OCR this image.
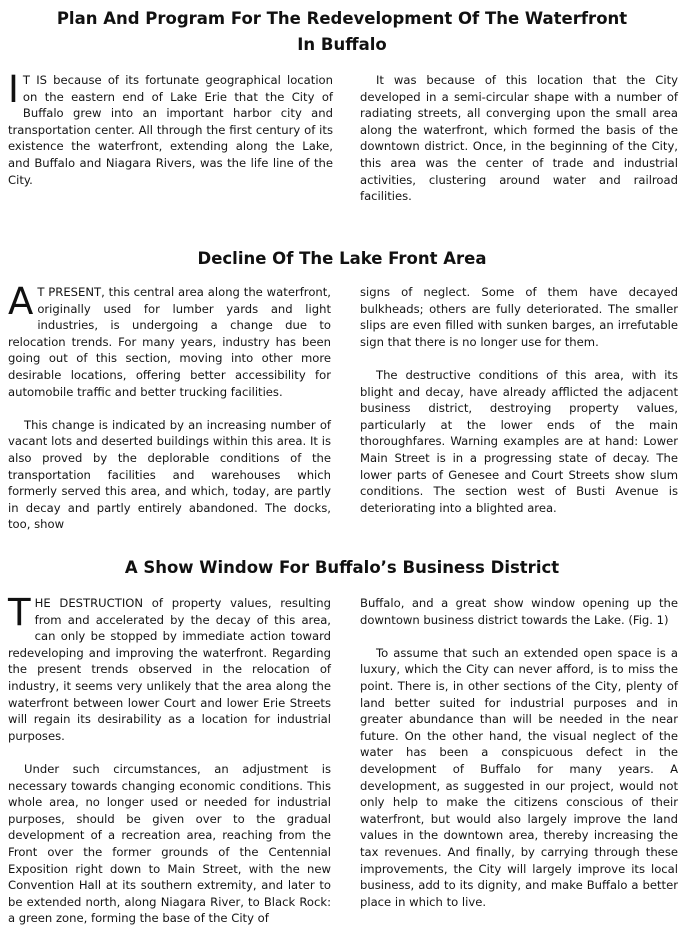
Plan And Program For The Redevelopment Of The Waterfront
In Buffalo

I T IS because of its fortunate geographical location on the eastern end of Lake Erie that the City of Buffalo grew into an important harbor city and transportation center. All through the first century of its existence the waterfront, extending along the Lake, and Buffalo and Niagara Rivers, was the life line of the City.

It was because of this location that the City developed in a semi-circular shape with a number of radiating streets, all converging upon the small area along the waterfront, which formed the basis of the downtown district. Once, in the beginning of the City, this area was the center of trade and industrial activities, clustering around water and railroad facilities.

Decline Of The Lake Front Area

A T PRESENT, this central area along the waterfront, originally used for lumber yards and light industries, is undergoing a change due to relocation trends. For many years, industry has been going out of this section, moving into other more desirable locations, offering better accessibility for automobile traffic and better trucking facilities.

This change is indicated by an increasing number of vacant lots and deserted buildings within this area. It is also proved by the deplorable conditions of the transportation facilities and warehouses which formerly served this area, and which, today, are partly in decay and partly entirely abandoned. The docks, too, show

signs of neglect. Some of them have decayed bulkheads; others are fully deteriorated. The smaller slips are even filled with sunken barges, an irrefutable sign that there is no longer use for them.

The destructive conditions of this area, with its blight and decay, have already afflicted the adjacent business district, destroying property values, particularly at the lower ends of the main thoroughfares. Warning examples are at hand: Lower Main Street is in a progressing state of decay. The lower parts of Genesee and Court Streets show slum conditions. The section west of Busti Avenue is deteriorating into a blighted area.

A Show Window For Buffalo’s Business District

THE DESTRUCTION of property values, resulting from and accelerated by the decay of this area, can only be stopped by immediate action toward redeveloping and improving the waterfront. Regarding the present trends observed in the relocation of industry, it seems very unlikely that the area along the waterfront between lower Court and lower Erie Streets will regain its desirability as a location for industrial purposes.

Under such circumstances, an adjustment is necessary towards changing economic conditions. This whole area, no longer used or needed for industrial purposes, should be given over to the gradual development of a recreation area, reaching from the Front over the former grounds of the Centennial Exposition right down to Main Street, with the new Convention Hall at its southern extremity, and later to be extended north, along Niagara River, to Black Rock: a green zone, forming the base of the City of

Buffalo, and a great show window opening up the downtown business district towards the Lake. (Fig. 1)

To assume that such an extended open space is a luxury, which the City can never afford, is to miss the point. There is, in other sections of the City, plenty of land better suited for industrial purposes and in greater abundance than will be needed in the near future. On the other hand, the visual neglect of the water has been a conspicuous defect in the development of Buffalo for many years. A development, as suggested in our project, would not only help to make the citizens conscious of their waterfront, but would also largely improve the land values in the downtown area, thereby increasing the tax revenues. And finally, by carrying through these improvements, the City will largely improve its local business, add to its dignity, and make Buffalo a better place in which to live.
